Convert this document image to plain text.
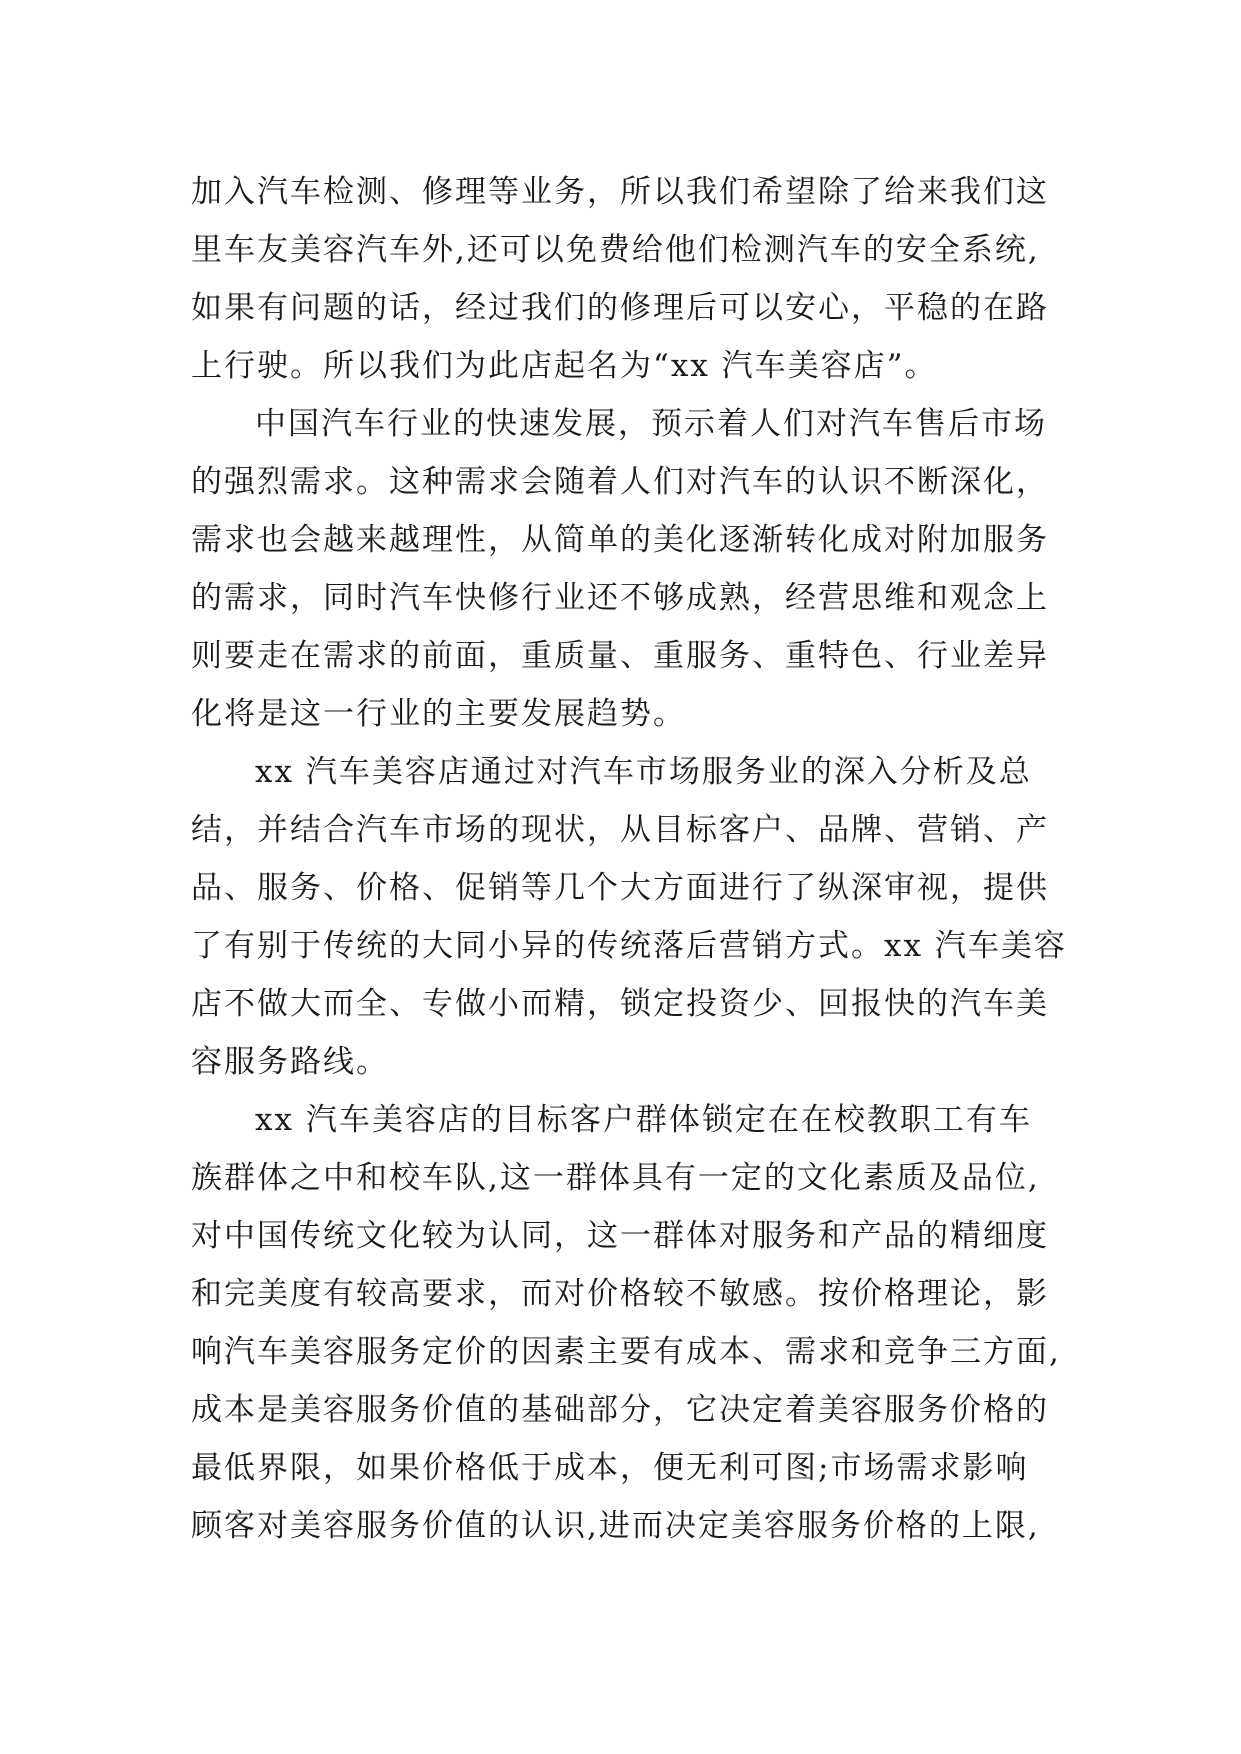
加入汽车检测、修理等业务，所以我们希望除了给来我们这
里车友美容汽车外,还可以免费给他们检测汽车的安全系统,
如果有问题的话，经过我们的修理后可以安心，平稳的在路
上行驶。所以我们为此店起名为“xx 汽车美容店”。
中国汽车行业的快速发展，预示着人们对汽车售后市场
的强烈需求。这种需求会随着人们对汽车的认识不断深化，
需求也会越来越理性，从简单的美化逐渐转化成对附加服务
的需求，同时汽车快修行业还不够成熟，经营思维和观念上
则要走在需求的前面，重质量、重服务、重特色、行业差异
化将是这一行业的主要发展趋势。
xx 汽车美容店通过对汽车市场服务业的深入分析及总
结，并结合汽车市场的现状，从目标客户、品牌、营销、产
品、服务、价格、促销等几个大方面进行了纵深审视，提供
了有别于传统的大同小异的传统落后营销方式。xx 汽车美容
店不做大而全、专做小而精，锁定投资少、回报快的汽车美
容服务路线。
xx 汽车美容店的目标客户群体锁定在在校教职工有车
族群体之中和校车队,这一群体具有一定的文化素质及品位,
对中国传统文化较为认同，这一群体对服务和产品的精细度
和完美度有较高要求，而对价格较不敏感。按价格理论，影
响汽车美容服务定价的因素主要有成本、需求和竞争三方面,
成本是美容服务价值的基础部分，它决定着美容服务价格的
最低界限，如果价格低于成本，便无利可图;市场需求影响
顾客对美容服务价值的认识,进而决定美容服务价格的上限,
